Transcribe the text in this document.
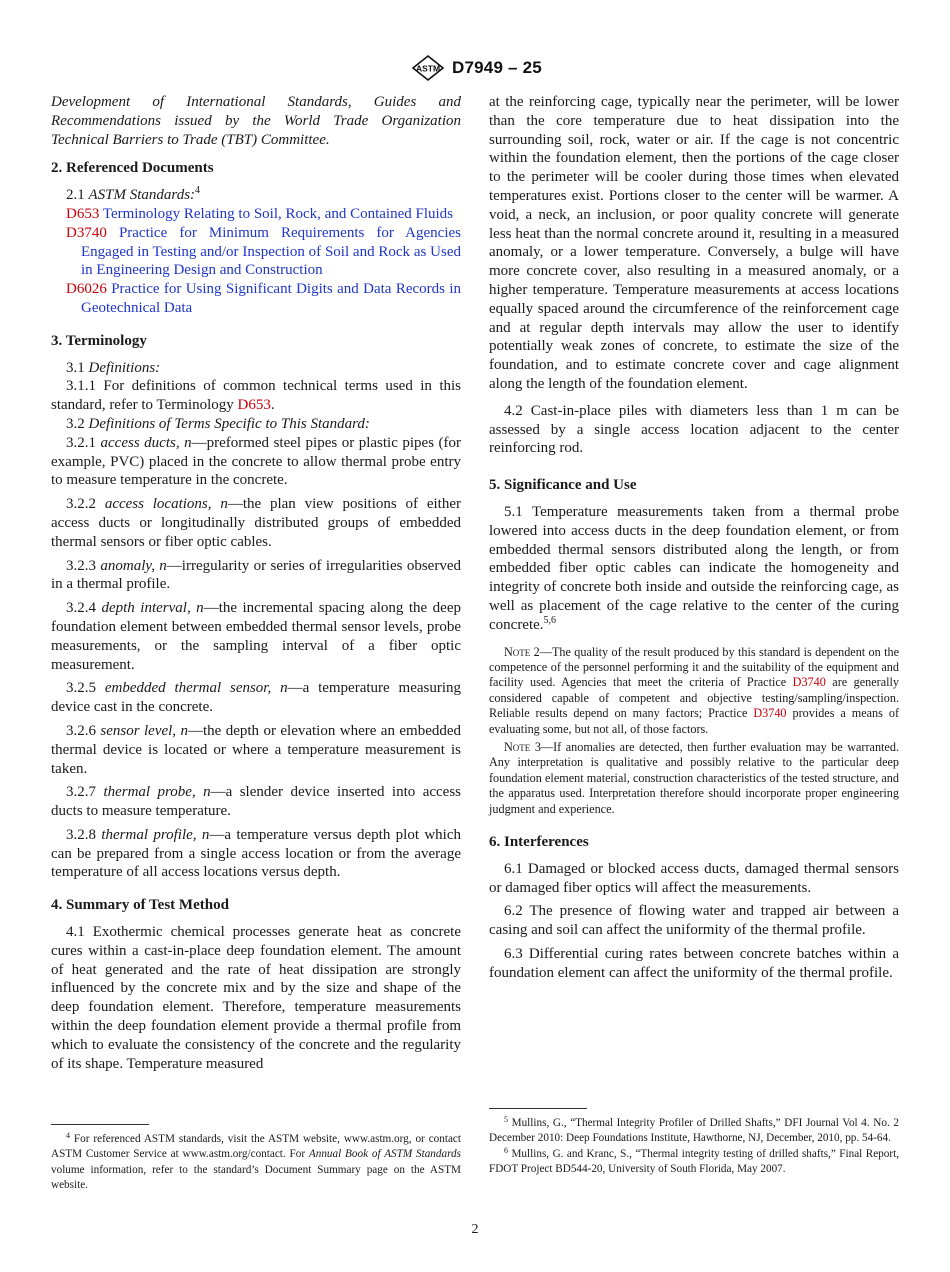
ASTM D7949 – 25

Development of International Standards, Guides and Recommendations issued by the World Trade Organization Technical Barriers to Trade (TBT) Committee.

2. Referenced Documents

2.1 ASTM Standards:$^4$

D653 Terminology Relating to Soil, Rock, and Contained Fluids

D3740 Practice for Minimum Requirements for Agencies Engaged in Testing and/or Inspection of Soil and Rock as Used in Engineering Design and Construction

D6026 Practice for Using Significant Digits and Data Records in Geotechnical Data

3. Terminology

3.1 Definitions:

3.1.1 For definitions of common technical terms used in this standard, refer to Terminology D653.

3.2 Definitions of Terms Specific to This Standard:

3.2.1 access ducts, n—preformed steel pipes or plastic pipes (for example, PVC) placed in the concrete to allow thermal probe entry to measure temperature in the concrete.

3.2.2 access locations, n—the plan view positions of either access ducts or longitudinally distributed groups of embedded thermal sensors or fiber optic cables.

3.2.3 anomaly, n—irregularity or series of irregularities observed in a thermal profile.

3.2.4 depth interval, n—the incremental spacing along the deep foundation element between embedded thermal sensor levels, probe measurements, or the sampling interval of a fiber optic measurement.

3.2.5 embedded thermal sensor, n—a temperature measuring device cast in the concrete.

3.2.6 sensor level, n—the depth or elevation where an embedded thermal device is located or where a temperature measurement is taken.

3.2.7 thermal probe, n—a slender device inserted into access ducts to measure temperature.

3.2.8 thermal profile, n—a temperature versus depth plot which can be prepared from a single access location or from the average temperature of all access locations versus depth.

4. Summary of Test Method

4.1 Exothermic chemical processes generate heat as concrete cures within a cast-in-place deep foundation element. The amount of heat generated and the rate of heat dissipation are strongly influenced by the concrete mix and by the size and shape of the deep foundation element. Therefore, temperature measurements within the deep foundation element provide a thermal profile from which to evaluate the consistency of the concrete and the regularity of its shape. Temperature measured

at the reinforcing cage, typically near the perimeter, will be lower than the core temperature due to heat dissipation into the surrounding soil, rock, water or air. If the cage is not concentric within the foundation element, then the portions of the cage closer to the perimeter will be cooler during those times when elevated temperatures exist. Portions closer to the center will be warmer. A void, a neck, an inclusion, or poor quality concrete will generate less heat than the normal concrete around it, resulting in a measured anomaly, or a lower temperature. Conversely, a bulge will have more concrete cover, also resulting in a measured anomaly, or a higher temperature. Temperature measurements at access locations equally spaced around the circumference of the reinforcement cage and at regular depth intervals may allow the user to identify potentially weak zones of concrete, to estimate the size of the foundation, and to estimate concrete cover and cage alignment along the length of the foundation element.

4.2 Cast-in-place piles with diameters less than 1 m can be assessed by a single access location adjacent to the center reinforcing rod.

5. Significance and Use

5.1 Temperature measurements taken from a thermal probe lowered into access ducts in the deep foundation element, or from embedded thermal sensors distributed along the length, or from embedded fiber optic cables can indicate the homogeneity and integrity of concrete both inside and outside the reinforcing cage, as well as placement of the cage relative to the center of the curing concrete.$^{5,6}$

Note 2—The quality of the result produced by this standard is dependent on the competence of the personnel performing it and the suitability of the equipment and facility used. Agencies that meet the criteria of Practice D3740 are generally considered capable of competent and objective testing/sampling/inspection. Reliable results depend on many factors; Practice D3740 provides a means of evaluating some, but not all, of those factors.

Note 3—If anomalies are detected, then further evaluation may be warranted. Any interpretation is qualitative and possibly relative to the particular deep foundation element material, construction characteristics of the tested structure, and the apparatus used. Interpretation therefore should incorporate proper engineering judgment and experience.

6. Interferences

6.1 Damaged or blocked access ducts, damaged thermal sensors or damaged fiber optics will affect the measurements.

6.2 The presence of flowing water and trapped air between a casing and soil can affect the uniformity of the thermal profile.

6.3 Differential curing rates between concrete batches within a foundation element can affect the uniformity of the thermal profile.

$^4$ For referenced ASTM standards, visit the ASTM website, www.astm.org, or contact ASTM Customer Service at www.astm.org/contact. For Annual Book of ASTM Standards volume information, refer to the standard’s Document Summary page on the ASTM website.

$^5$ Mullins, G., “Thermal Integrity Profiler of Drilled Shafts,” DFI Journal Vol 4. No. 2 December 2010: Deep Foundations Institute, Hawthorne, NJ, December, 2010, pp. 54-64.

$^6$ Mullins, G. and Kranc, S., “Thermal integrity testing of drilled shafts,” Final Report, FDOT Project BD544-20, University of South Florida, May 2007.

2
